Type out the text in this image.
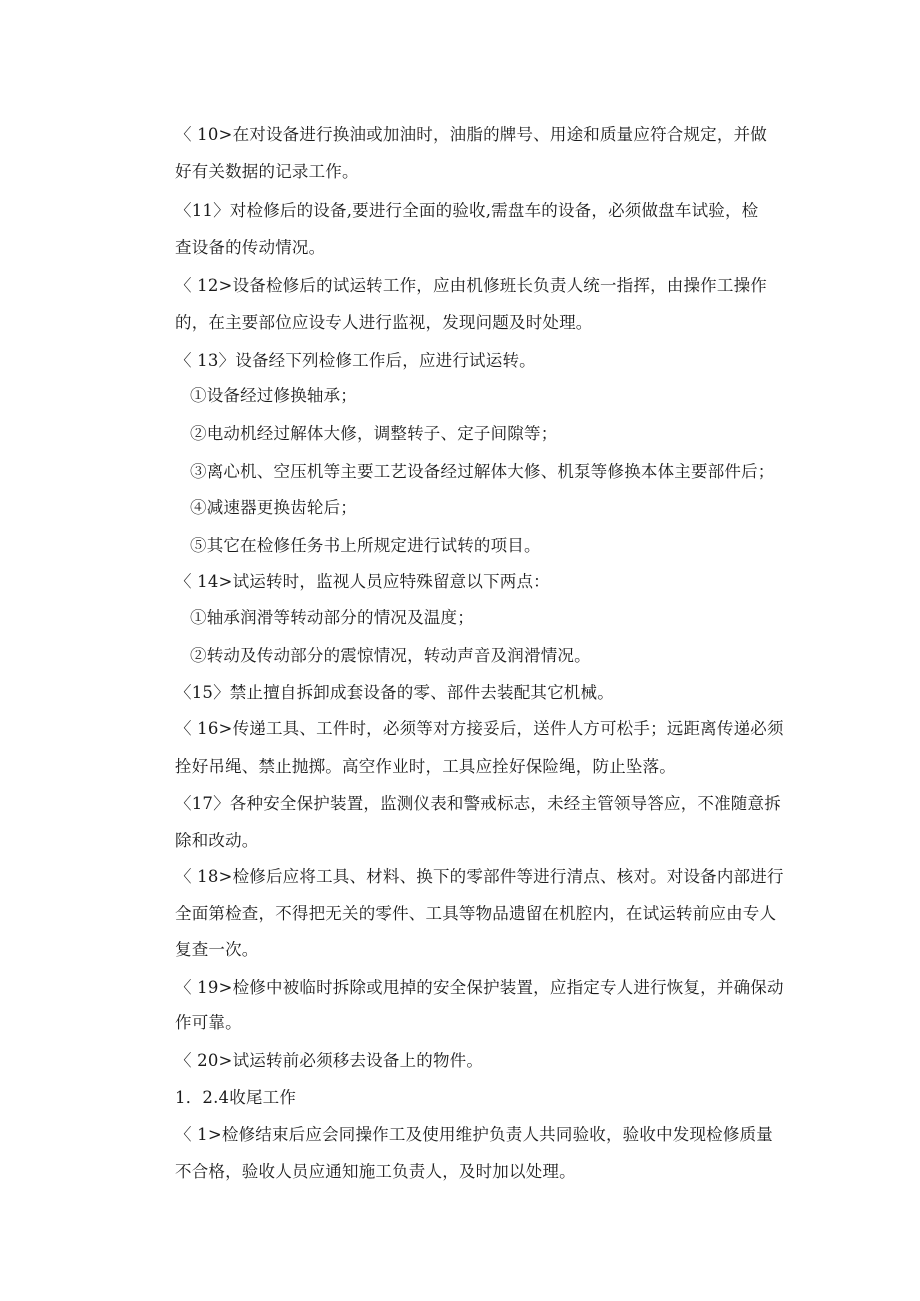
〈 10>在对设备进行换油或加油时，油脂的牌号、用途和质量应符合规定，并做
好有关数据的记录工作。
〈11〉对检修后的设备,要进行全面的验收,需盘车的设备，必须做盘车试验，检
查设备的传动情况。
〈 12>设备检修后的试运转工作，应由机修班长负责人统一指挥，由操作工操作
的，在主要部位应设专人进行监视，发现问题及时处理。
〈 13〉设备经下列检修工作后，应进行试运转。
①设备经过修换轴承；
②电动机经过解体大修，调整转子、定子间隙等；
③离心机、空压机等主要工艺设备经过解体大修、机泵等修换本体主要部件后；
④减速器更换齿轮后；
⑤其它在检修任务书上所规定进行试转的项目。
〈 14>试运转时，监视人员应特殊留意以下两点：
①轴承润滑等转动部分的情况及温度；
②转动及传动部分的震惊情况，转动声音及润滑情况。
〈15〉禁止擅自拆卸成套设备的零、部件去装配其它机械。
〈 16>传递工具、工件时，必须等对方接妥后，送件人方可松手；远距离传递必须
拴好吊绳、禁止抛掷。高空作业时，工具应拴好保险绳，防止坠落。
〈17〉各种安全保护装置，监测仪表和警戒标志，未经主管领导答应，不准随意拆
除和改动。
〈 18>检修后应将工具、材料、换下的零部件等进行清点、核对。对设备内部进行
全面第检查，不得把无关的零件、工具等物品遗留在机腔内，在试运转前应由专人
复查一次。
〈 19>检修中被临时拆除或甩掉的安全保护装置，应指定专人进行恢复，并确保动
作可靠。
〈 20>试运转前必须移去设备上的物件。
1．2.4收尾工作
〈 1>检修结束后应会同操作工及使用维护负责人共同验收，验收中发现检修质量
不合格，验收人员应通知施工负责人，及时加以处理。
